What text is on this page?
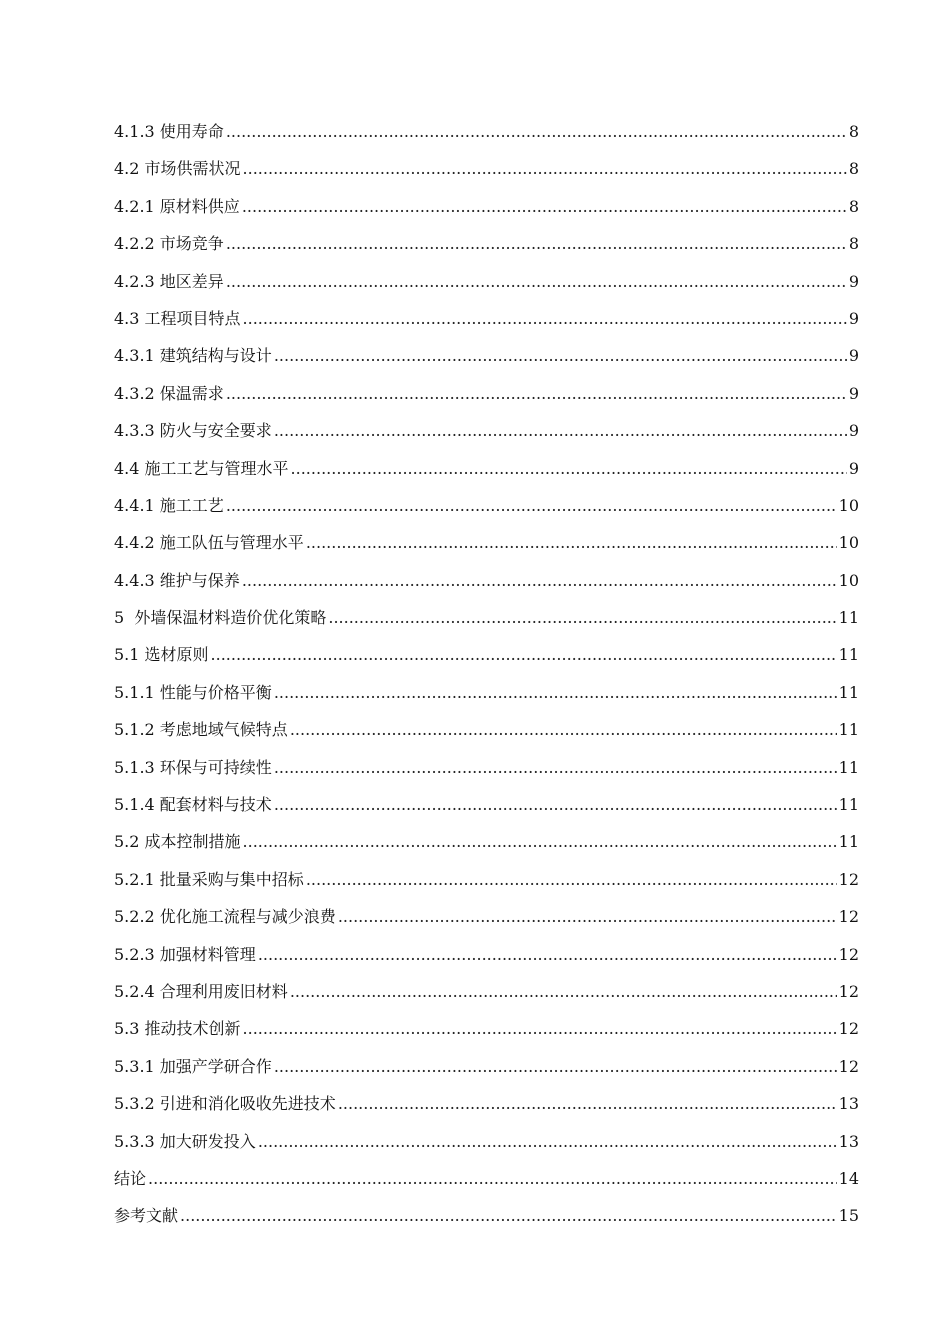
4.1.3 使用寿命 .....	8
4.2 市场供需状况 .....	8
4.2.1 原材料供应 .....	8
4.2.2 市场竞争 .....	8
4.2.3 地区差异 .....	9
4.3 工程项目特点 .....	9
4.3.1 建筑结构与设计 .....	9
4.3.2 保温需求 .....	9
4.3.3 防火与安全要求 .....	9
4.4 施工工艺与管理水平 .....	9
4.4.1 施工工艺 .....	10
4.4.2 施工队伍与管理水平 .....	10
4.4.3 维护与保养 .....	10
5  外墙保温材料造价优化策略 .....	11
5.1 选材原则 .....	11
5.1.1 性能与价格平衡 .....	11
5.1.2 考虑地域气候特点 .....	11
5.1.3 环保与可持续性 .....	11
5.1.4 配套材料与技术 .....	11
5.2 成本控制措施 .....	11
5.2.1 批量采购与集中招标 .....	12
5.2.2 优化施工流程与减少浪费 .....	12
5.2.3 加强材料管理 .....	12
5.2.4 合理利用废旧材料 .....	12
5.3 推动技术创新 .....	12
5.3.1 加强产学研合作 .....	12
5.3.2 引进和消化吸收先进技术 .....	13
5.3.3 加大研发投入 .....	13
结论 .....	14
参考文献 .....	15
